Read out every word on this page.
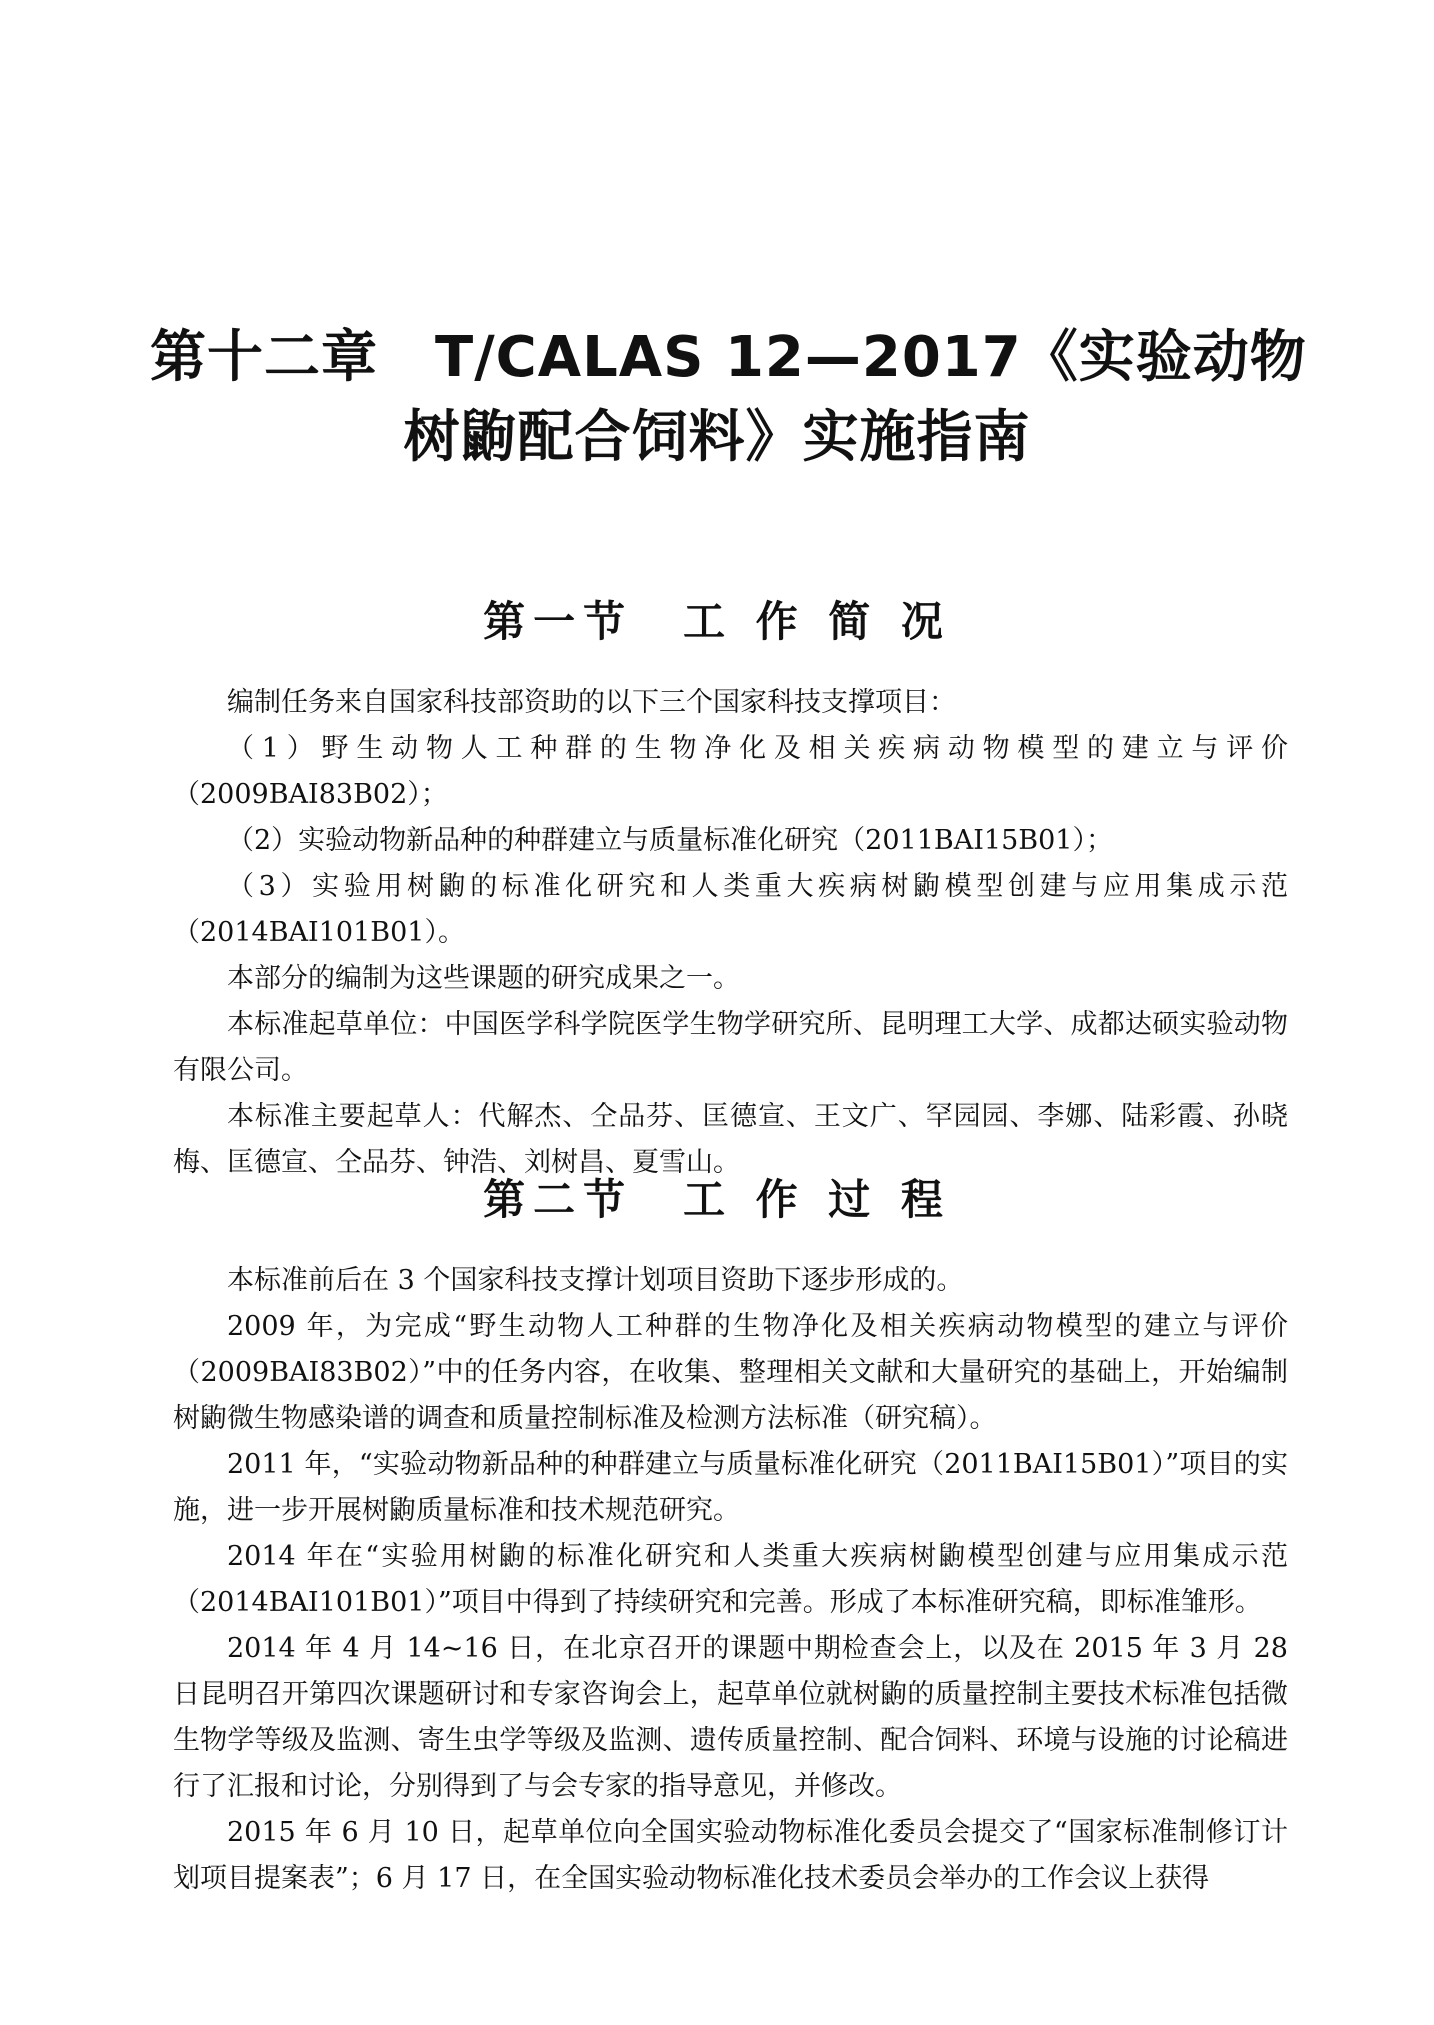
第十二章　T/CALAS 12—2017《实验动物
树鼩配合饲料》实施指南
第一节　工 作 简 况

编制任务来自国家科技部资助的以下三个国家科技支撑项目：

（1）野生动物人工种群的生物净化及相关疾病动物模型的建立与评价（2009BAI83B02）；

（2）实验动物新品种的种群建立与质量标准化研究（2011BAI15B01）；

（3）实验用树鼩的标准化研究和人类重大疾病树鼩模型创建与应用集成示范（2014BAI101B01）。

本部分的编制为这些课题的研究成果之一。

本标准起草单位：中国医学科学院医学生物学研究所、昆明理工大学、成都达硕实验动物有限公司。

本标准主要起草人：代解杰、仝品芬、匡德宣、王文广、罕园园、李娜、陆彩霞、孙晓梅、匡德宣、仝品芬、钟浩、刘树昌、夏雪山。

第二节　工 作 过 程

本标准前后在 3 个国家科技支撑计划项目资助下逐步形成的。

2009 年，为完成“野生动物人工种群的生物净化及相关疾病动物模型的建立与评价（2009BAI83B02）”中的任务内容，在收集、整理相关文献和大量研究的基础上，开始编制树鼩微生物感染谱的调查和质量控制标准及检测方法标准（研究稿）。

2011 年，“实验动物新品种的种群建立与质量标准化研究（2011BAI15B01）”项目的实施，进一步开展树鼩质量标准和技术规范研究。

2014 年在“实验用树鼩的标准化研究和人类重大疾病树鼩模型创建与应用集成示范（2014BAI101B01）”项目中得到了持续研究和完善。形成了本标准研究稿，即标准雏形。

2014 年 4 月 14~16 日，在北京召开的课题中期检查会上，以及在 2015 年 3 月 28 日昆明召开第四次课题研讨和专家咨询会上，起草单位就树鼩的质量控制主要技术标准包括微生物学等级及监测、寄生虫学等级及监测、遗传质量控制、配合饲料、环境与设施的讨论稿进行了汇报和讨论，分别得到了与会专家的指导意见，并修改。

2015 年 6 月 10 日，起草单位向全国实验动物标准化委员会提交了“国家标准制修订计划项目提案表”；6 月 17 日，在全国实验动物标准化技术委员会举办的工作会议上获得
